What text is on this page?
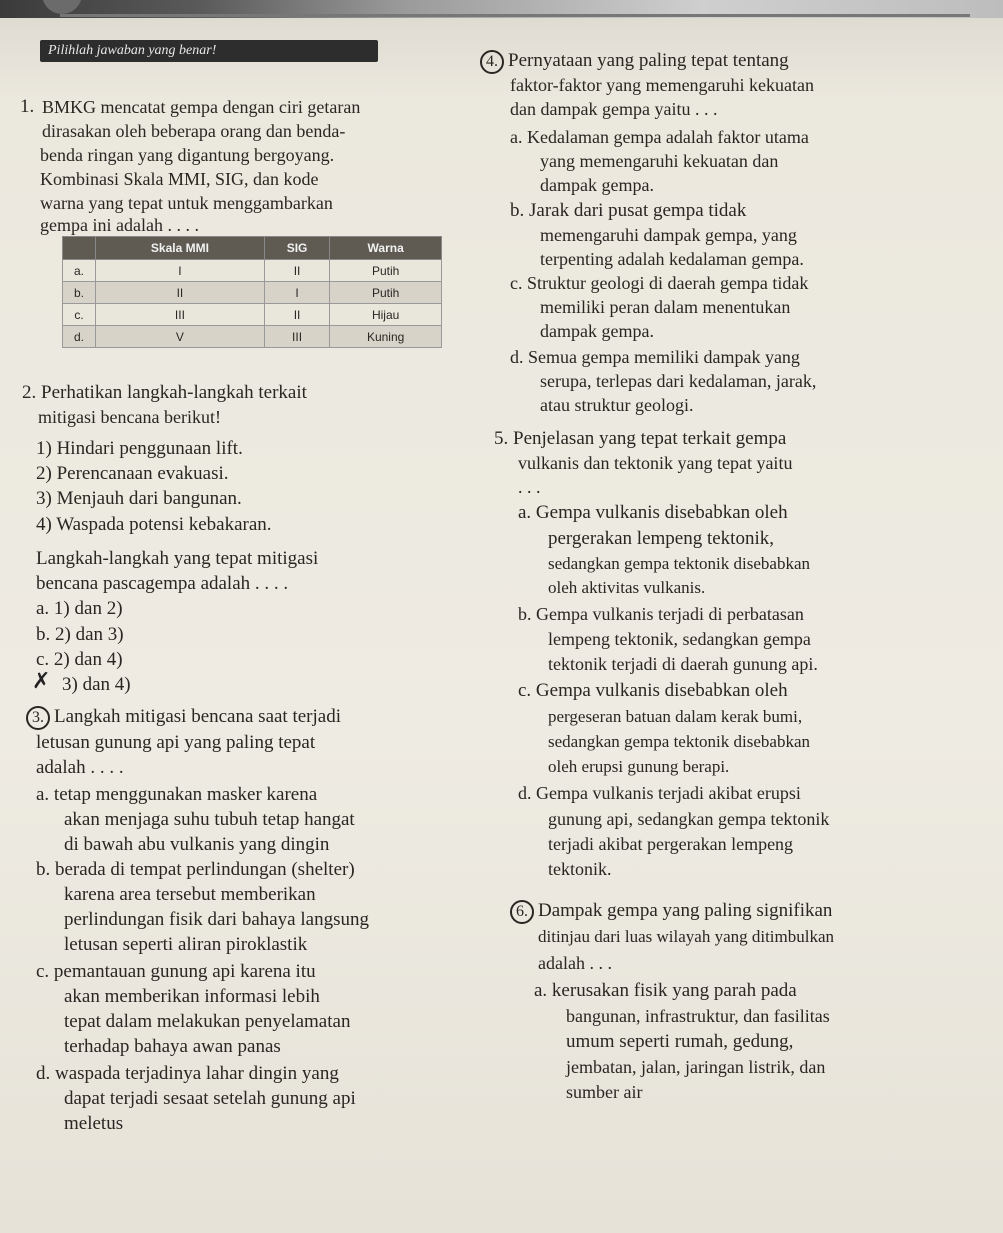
Pilihlah jawaban yang benar!
1. BMKG mencatat gempa dengan ciri getaran
dirasakan oleh beberapa orang dan benda-
benda ringan yang digantung bergoyang.
Kombinasi Skala MMI, SIG, dan kode
warna yang tepat untuk menggambarkan
gempa ini adalah . . . .
	Skala MMI	SIG	Warna
a.	I	II	Putih
b.	II	I	Putih
c.	III	II	Hijau
d.	V	III	Kuning
2. Perhatikan langkah-langkah terkait
mitigasi bencana berikut!
1) Hindari penggunaan lift.
2) Perencanaan evakuasi.
3) Menjauh dari bangunan.
4) Waspada potensi kebakaran.
Langkah-langkah yang tepat mitigasi
bencana pascagempa adalah . . . .
a. 1) dan 2)
b. 2) dan 3)
c. 2) dan 4)
✗ 3) dan 4)
3. Langkah mitigasi bencana saat terjadi
letusan gunung api yang paling tepat
adalah . . . .
a. tetap menggunakan masker karena
akan menjaga suhu tubuh tetap hangat
di bawah abu vulkanis yang dingin
b. berada di tempat perlindungan (shelter)
karena area tersebut memberikan
perlindungan fisik dari bahaya langsung
letusan seperti aliran piroklastik
c. pemantauan gunung api karena itu
akan memberikan informasi lebih
tepat dalam melakukan penyelamatan
terhadap bahaya awan panas
d. waspada terjadinya lahar dingin yang
dapat terjadi sesaat setelah gunung api
meletus
4. Pernyataan yang paling tepat tentang
faktor-faktor yang memengaruhi kekuatan
dan dampak gempa yaitu . . .
a. Kedalaman gempa adalah faktor utama
yang memengaruhi kekuatan dan
dampak gempa.
b. Jarak dari pusat gempa tidak
memengaruhi dampak gempa, yang
terpenting adalah kedalaman gempa.
c. Struktur geologi di daerah gempa tidak
memiliki peran dalam menentukan
dampak gempa.
d. Semua gempa memiliki dampak yang
serupa, terlepas dari kedalaman, jarak,
atau struktur geologi.
5. Penjelasan yang tepat terkait gempa
vulkanis dan tektonik yang tepat yaitu
. . .
a. Gempa vulkanis disebabkan oleh
pergerakan lempeng tektonik,
sedangkan gempa tektonik disebabkan
oleh aktivitas vulkanis.
b. Gempa vulkanis terjadi di perbatasan
lempeng tektonik, sedangkan gempa
tektonik terjadi di daerah gunung api.
c. Gempa vulkanis disebabkan oleh
pergeseran batuan dalam kerak bumi,
sedangkan gempa tektonik disebabkan
oleh erupsi gunung berapi.
d. Gempa vulkanis terjadi akibat erupsi
gunung api, sedangkan gempa tektonik
terjadi akibat pergerakan lempeng
tektonik.
6. Dampak gempa yang paling signifikan
ditinjau dari luas wilayah yang ditimbulkan
adalah . . .
a. kerusakan fisik yang parah pada
bangunan, infrastruktur, dan fasilitas
umum seperti rumah, gedung,
jembatan, jalan, jaringan listrik, dan
sumber air
